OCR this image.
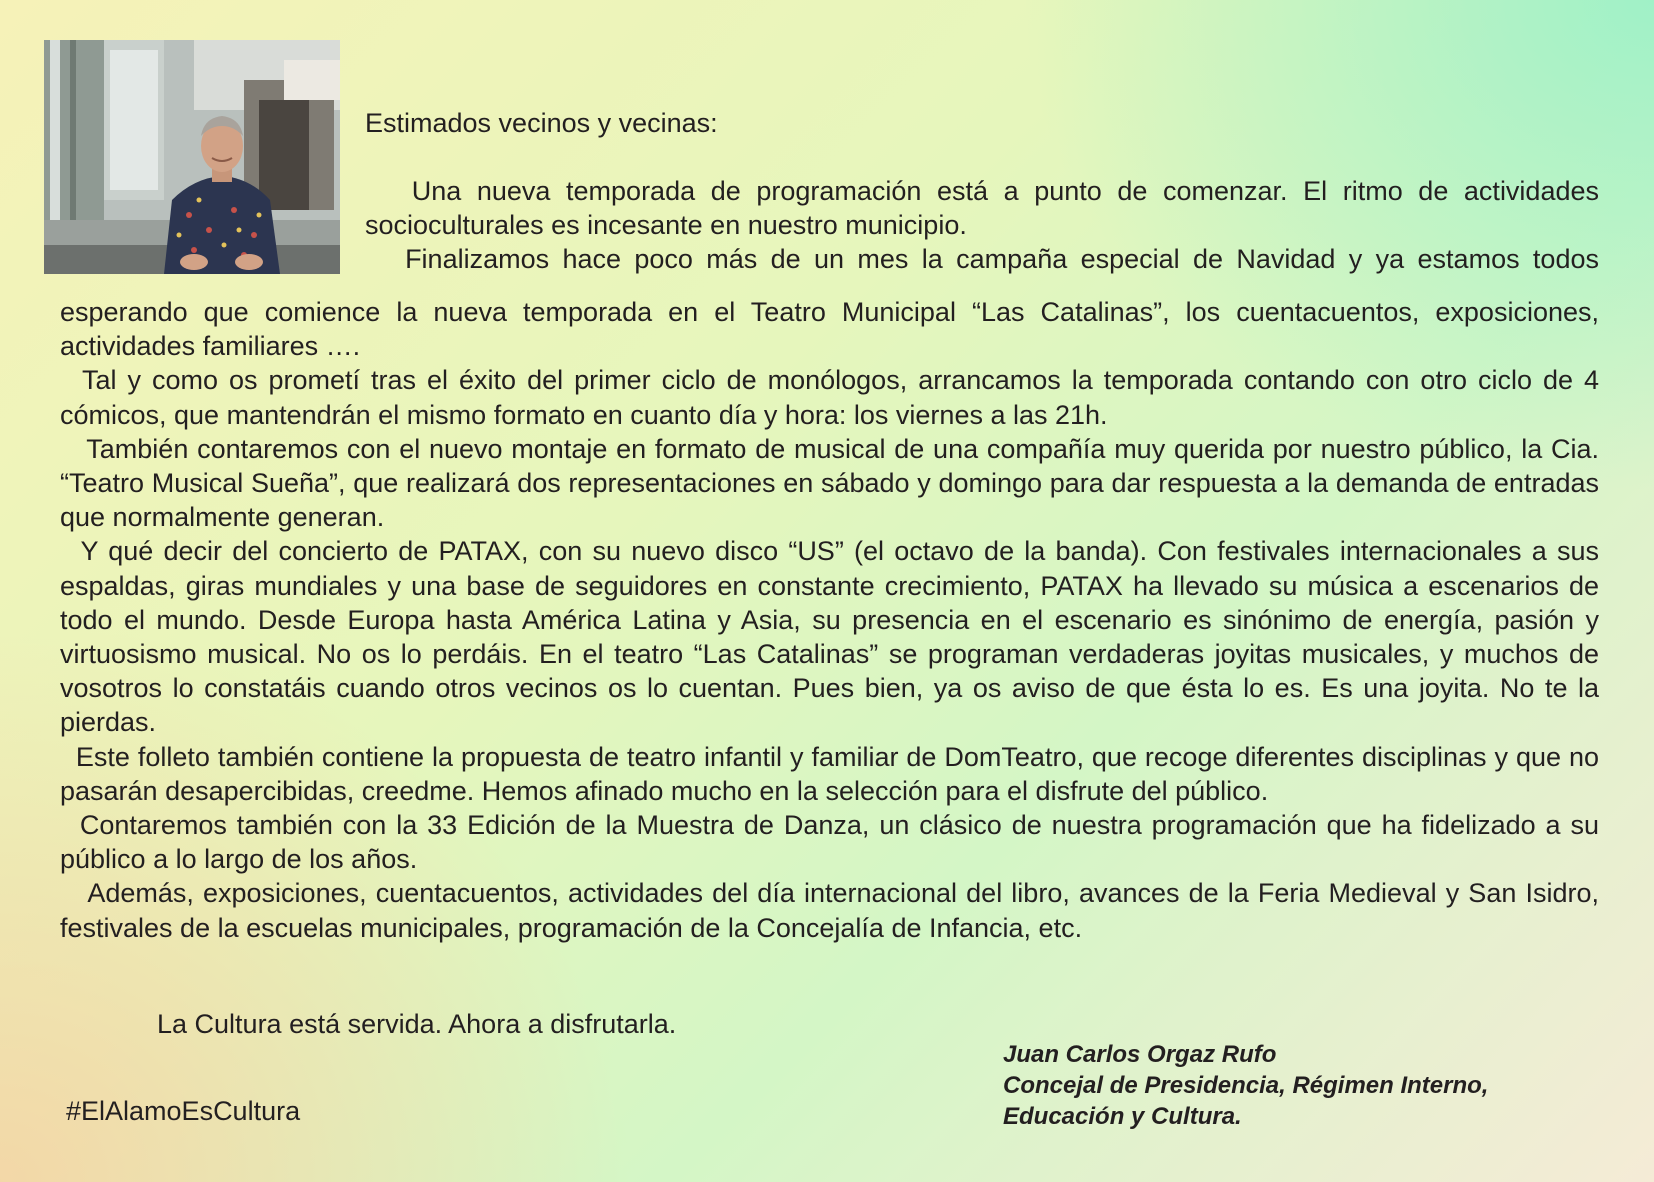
Estimados vecinos y vecinas:

Una nueva temporada de programación está a punto de comenzar. El ritmo de actividades socioculturales es incesante en nuestro municipio.

Finalizamos hace poco más de un mes la campaña especial de Navidad y ya estamos todos

esperando que comience la nueva temporada en el Teatro Municipal “Las Catalinas”, los cuentacuentos, exposiciones, actividades familiares ….

Tal y como os prometí tras el éxito del primer ciclo de monólogos, arrancamos la temporada contando con otro ciclo de 4 cómicos, que mantendrán el mismo formato en cuanto día y hora: los viernes a las 21h.

También contaremos con el nuevo montaje en formato de musical de una compañía muy querida por nuestro público, la Cia. “Teatro Musical Sueña”, que realizará dos representaciones en sábado y domingo para dar respuesta a la demanda de entradas que normalmente generan.

Y qué decir del concierto de PATAX, con su nuevo disco “US” (el octavo de la banda). Con festivales internacionales a sus espaldas, giras mundiales y una base de seguidores en constante crecimiento, PATAX ha llevado su música a escenarios de todo el mundo. Desde Europa hasta América Latina y Asia, su presencia en el escenario es sinónimo de energía, pasión y virtuosismo musical. No os lo perdáis. En el teatro “Las Catalinas” se programan verdaderas joyitas musicales, y muchos de vosotros lo constatáis cuando otros vecinos os lo cuentan. Pues bien, ya os aviso de que ésta lo es. Es una joyita. No te la pierdas.

Este folleto también contiene la propuesta de teatro infantil y familiar de DomTeatro, que recoge diferentes disciplinas y que no pasarán desapercibidas, creedme. Hemos afinado mucho en la selección para el disfrute del público.

Contaremos también con la 33 Edición de la Muestra de Danza, un clásico de nuestra programación que ha fidelizado a su público a lo largo de los años.

Además, exposiciones, cuentacuentos, actividades del día internacional del libro, avances de la Feria Medieval y San Isidro, festivales de la escuelas municipales, programación de la Concejalía de Infancia, etc.

La Cultura está servida. Ahora a disfrutarla.
#ElAlamoEsCultura
Juan Carlos Orgaz Rufo
Concejal de Presidencia, Régimen Interno,
Educación y Cultura.
